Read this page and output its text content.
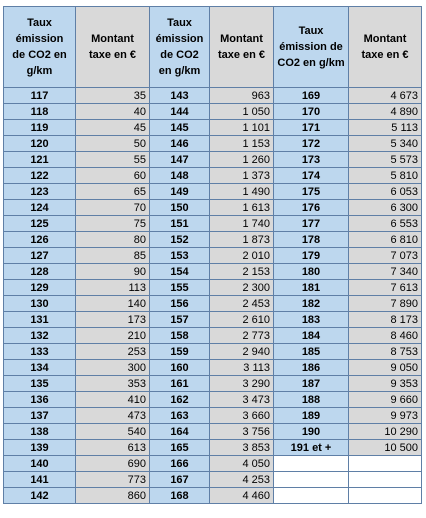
Taux
émission
de CO2 en
g/km	Montant
taxe en €	Taux
émission
de CO2
en g/km	Montant
taxe en €	Taux
émission de
CO2 en g/km	Montant
taxe en €

117	35	143	963	169	4 673
118	40	144	1 050	170	4 890
119	45	145	1 101	171	5 113
120	50	146	1 153	172	5 340
121	55	147	1 260	173	5 573
122	60	148	1 373	174	5 810
123	65	149	1 490	175	6 053
124	70	150	1 613	176	6 300
125	75	151	1 740	177	6 553
126	80	152	1 873	178	6 810
127	85	153	2 010	179	7 073
128	90	154	2 153	180	7 340
129	113	155	2 300	181	7 613
130	140	156	2 453	182	7 890
131	173	157	2 610	183	8 173
132	210	158	2 773	184	8 460
133	253	159	2 940	185	8 753
134	300	160	3 113	186	9 050
135	353	161	3 290	187	9 353
136	410	162	3 473	188	9 660
137	473	163	3 660	189	9 973
138	540	164	3 756	190	10 290
139	613	165	3 853	191 et +	10 500
140	690	166	4 050		
141	773	167	4 253		
142	860	168	4 460		
